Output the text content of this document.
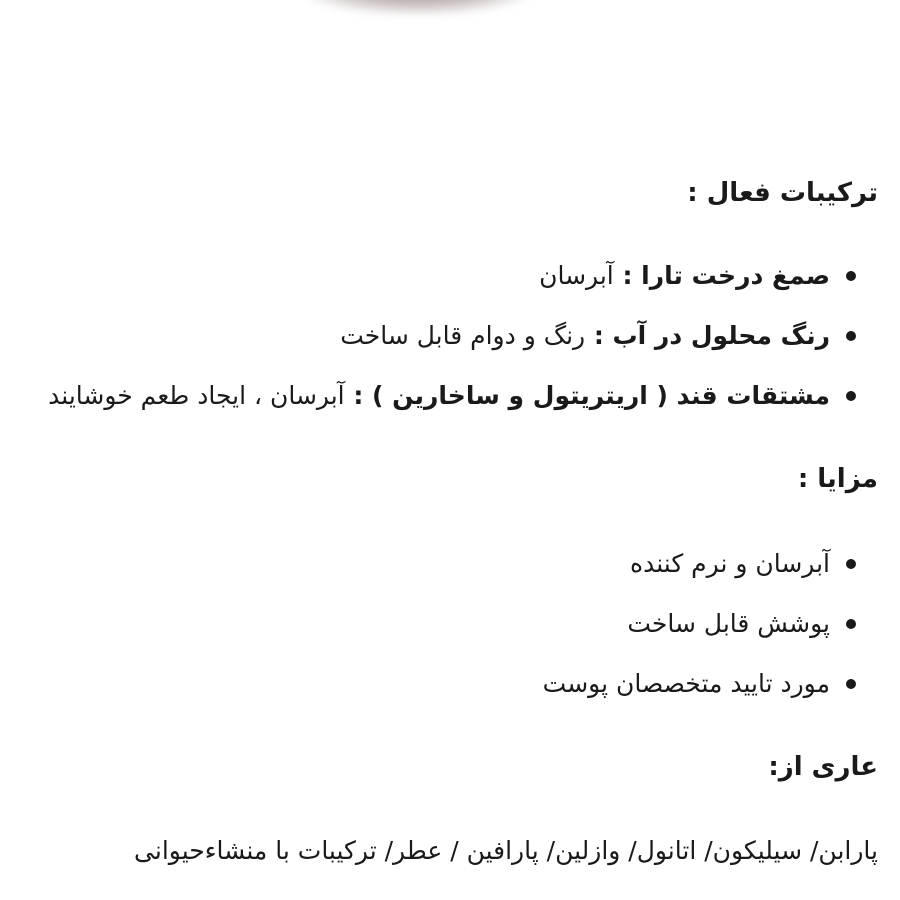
ترکیبات فعال :
صمغ درخت تارا : آبرسان
رنگ محلول در آب : رنگ و دوام قابل ساخت
مشتقات قند ( اریتریتول و ساخارین ) : آبرسان ، ایجاد طعم خوشایند
مزایا :
آبرسان و نرم کننده
پوشش قابل ساخت
مورد تایید متخصصان پوست
عاری از:

پارابن/ سیلیکون/ اتانول/ وازلین/ پارافین / عطر/ ترکیبات با منشاءحیوانی
